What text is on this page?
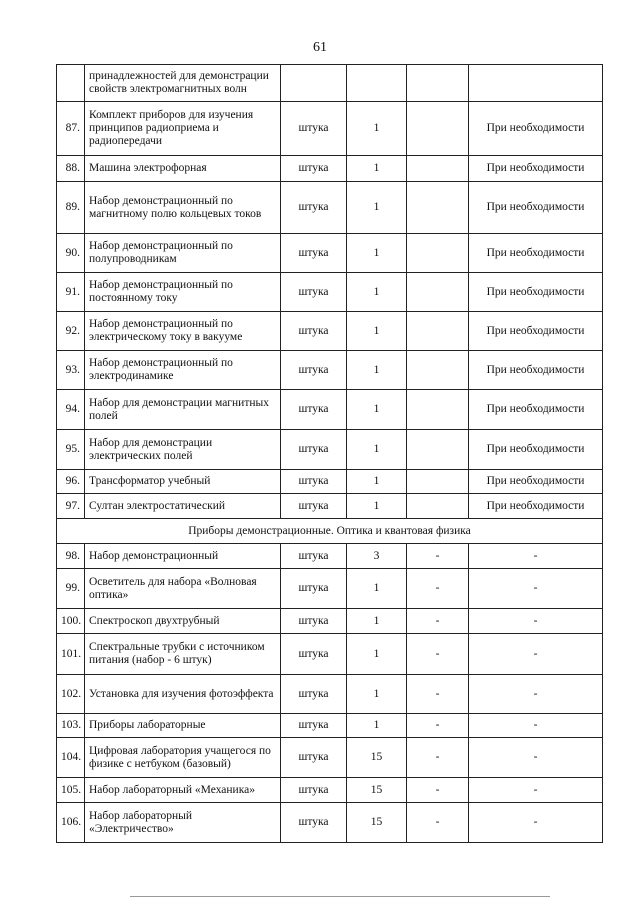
61
	принадлежностей для демонстрации свойств электромагнитных волн				
87.	Комплект приборов для изучения принципов радиоприема и радиопередачи	штука	1		При необходимости
88.	Машина электрофорная	штука	1		При необходимости
89.	Набор демонстрационный по магнитному полю кольцевых токов	штука	1		При необходимости
90.	Набор демонстрационный по полупроводникам	штука	1		При необходимости
91.	Набор демонстрационный по постоянному току	штука	1		При необходимости
92.	Набор демонстрационный по электрическому току в вакууме	штука	1		При необходимости
93.	Набор демонстрационный по электродинамике	штука	1		При необходимости
94.	Набор для демонстрации магнитных полей	штука	1		При необходимости
95.	Набор для демонстрации электрических полей	штука	1		При необходимости
96.	Трансформатор учебный	штука	1		При необходимости
97.	Султан электростатический	штука	1		При необходимости
Приборы демонстрационные. Оптика и квантовая физика					
98.	Набор демонстрационный	штука	3	-	-
99.	Осветитель для набора «Волновая оптика»	штука	1	-	-
100.	Спектроскоп двухтрубный	штука	1	-	-
101.	Спектральные трубки с источником питания (набор - 6 штук)	штука	1	-	-
102.	Установка для изучения фотоэффекта	штука	1	-	-
103.	Приборы лабораторные	штука	1	-	-
104.	Цифровая лаборатория учащегося по физике с нетбуком (базовый)	штука	15	-	-
105.	Набор лабораторный «Механика»	штука	15	-	-
106.	Набор лабораторный «Электричество»	штука	15	-	-
